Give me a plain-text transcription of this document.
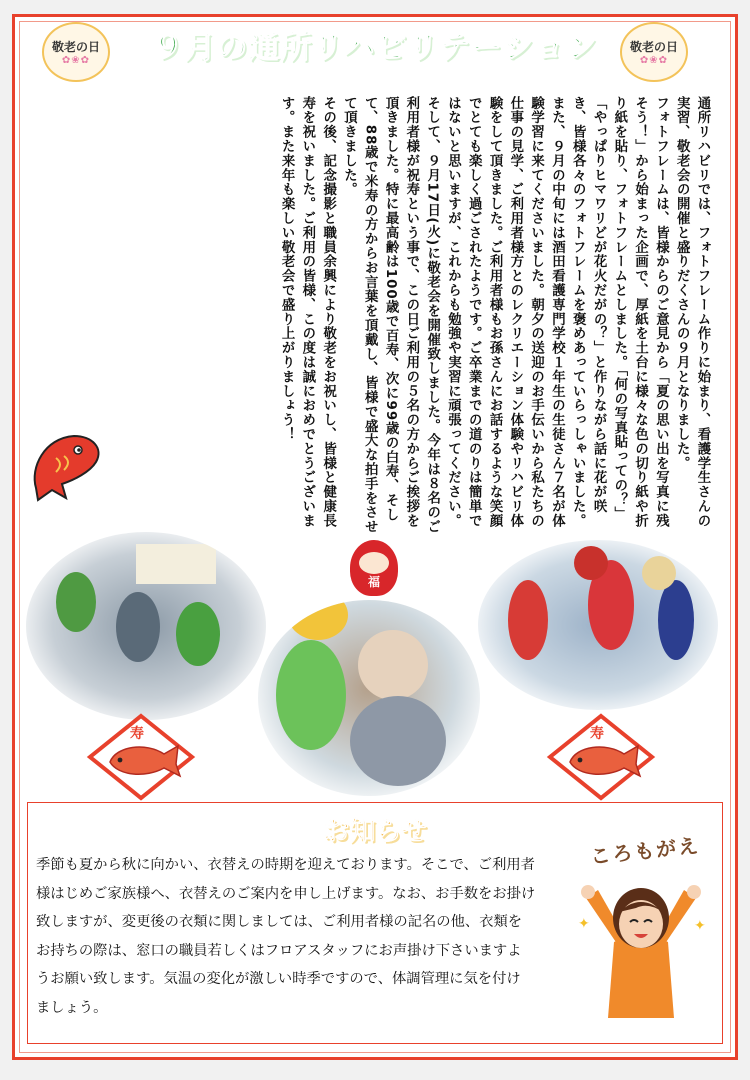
敬老の日
✿❀✿
敬老の日
✿❀✿
９月の通所リハビリテーション

通所リハビリでは、フォトフレーム作りに始まり、看護学生さんの実習、敬老会の開催と盛りだくさんの９月となりました。

フォトフレームは、皆様からのご意見から「夏の思い出を写真に残そう！」から始まった企画で、厚紙を土台に様々な色の切り紙や折り紙を貼り、フォトフレームとしました。「何の写真貼っての？」「やっぱりヒマワリどが花火だがの？」と作りながら話に花が咲き、皆様各々のフォトフレームを褒めあっていらっしゃいました。

また、９月の中旬には酒田看護専門学校１年生の生徒さん７名が体験学習に来てくださいました。朝夕の送迎のお手伝いから私たちの仕事の見学、ご利用者様方とのレクリエーション体験やリハビリ体験をして頂きました。ご利用者様もお孫さんにお話するような笑顔でとても楽しく過ごされたようです。ご卒業までの道のりは簡単ではないと思いますが、これからも勉強や実習に頑張ってください。

そして、９月17日(火)に敬老会を開催致しました。今年は８名のご利用者様が祝寿という事で、この日ご利用の５名の方からご挨拶を頂きました。特に最高齢は100歳で百寿、次に99歳の白寿、そして、88歳で米寿の方からお言葉を頂戴し、皆様で盛大な拍手をさせて頂きました。

その後、記念撮影と職員余興により敬老をお祝いし、皆様と健康長寿を祝いました。ご利用の皆様、この度は誠におめでとうございます。また来年も楽しい敬老会で盛り上がりましょう！

福
寿	寿
お知らせ

季節も夏から秋に向かい、衣替えの時期を迎えております。そこで、ご利用者

様はじめご家族様へ、衣替えのご案内を申し上げます。なお、お手数をお掛け

致しますが、変更後の衣類に関しましては、ご利用者様の記名の他、衣類を

お持ちの際は、窓口の職員若しくはフロアスタッフにお声掛け下さいますよ

うお願い致します。気温の変化が激しい時季ですので、体調管理に気を付け

ましょう。

ころもがえ
✦	✦
